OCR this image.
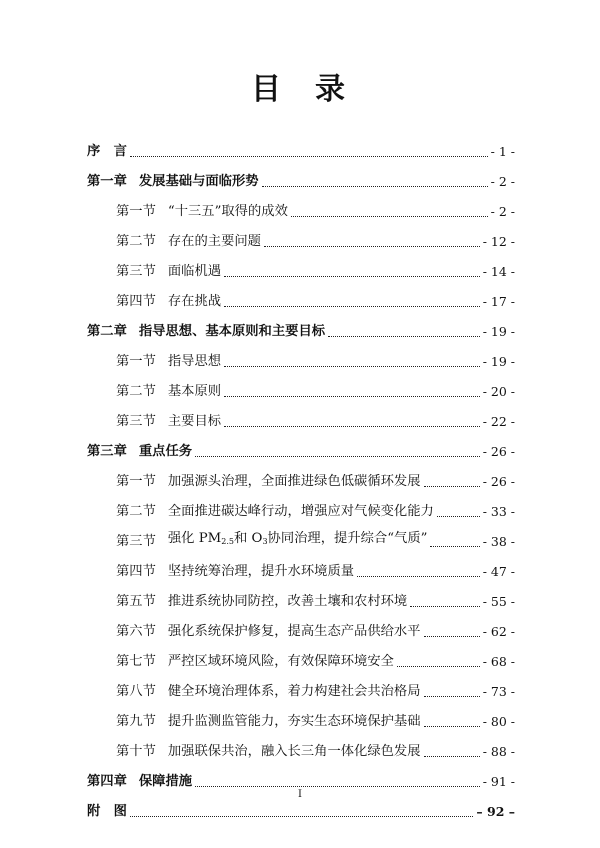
目 录
序　言	- 1 -
第一章 发展基础与面临形势	- 2 -
第一节 “十三五”取得的成效	- 2 -
第二节 存在的主要问题	- 12 -
第三节 面临机遇	- 14 -
第四节 存在挑战	- 17 -
第二章 指导思想、基本原则和主要目标	- 19 -
第一节 指导思想	- 19 -
第二节 基本原则	- 20 -
第三节 主要目标	- 22 -
第三章 重点任务	- 26 -
第一节 加强源头治理，全面推进绿色低碳循环发展	- 26 -
第二节 全面推进碳达峰行动，增强应对气候变化能力	- 33 -
第三节 强化 $PM_{2.5}$和 $O_3$协同治理，提升综合“气质”	- 38 -
第四节 坚持统筹治理，提升水环境质量	- 47 -
第五节 推进系统协同防控，改善土壤和农村环境	- 55 -
第六节 强化系统保护修复，提高生态产品供给水平	- 62 -
第七节 严控区域环境风险，有效保障环境安全	- 68 -
第八节 健全环境治理体系，着力构建社会共治格局	- 73 -
第九节 提升监测监管能力，夯实生态环境保护基础	- 80 -
第十节 加强联保共治，融入长三角一体化绿色发展	- 88 -
第四章 保障措施	- 91 -
附　图	– 92 –
I
